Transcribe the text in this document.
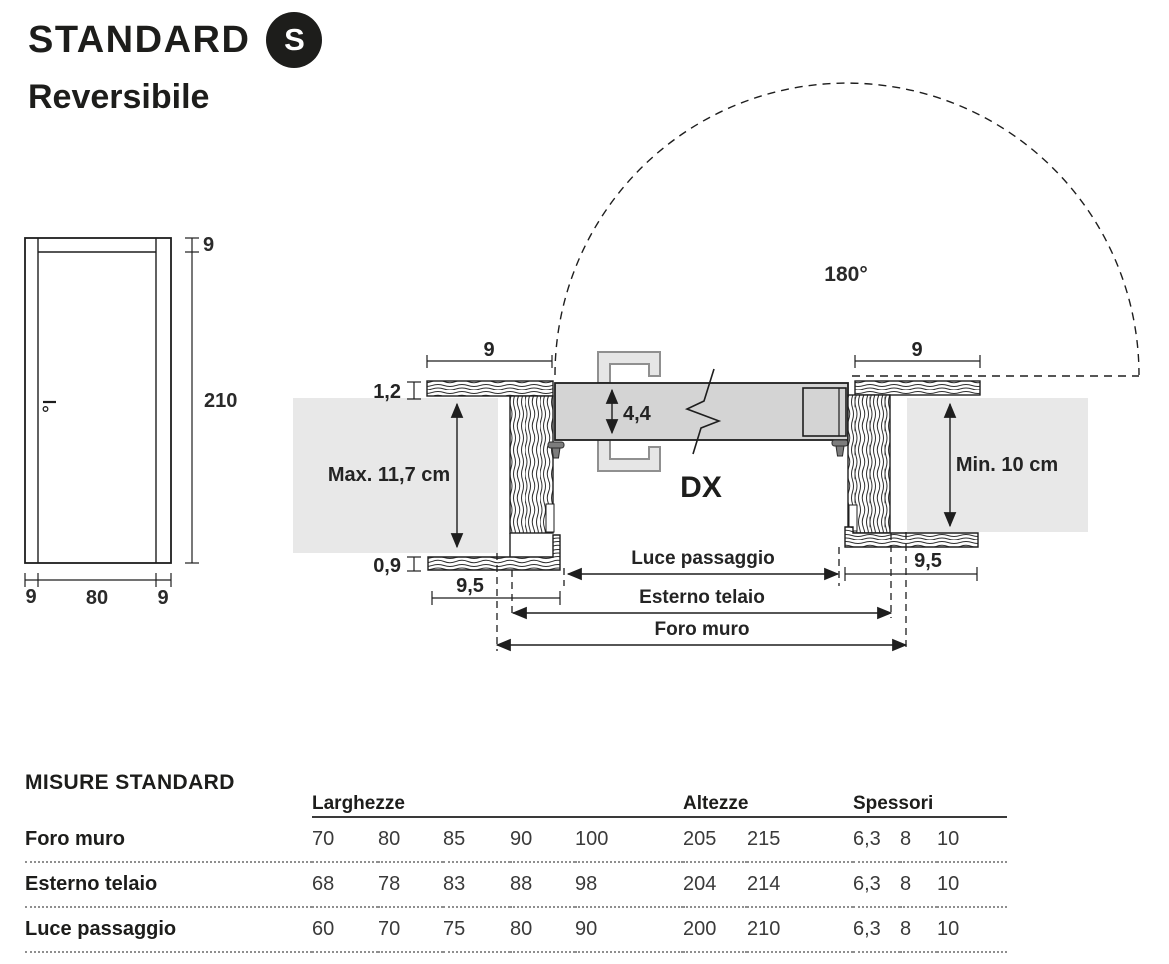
STANDARD S
Reversibile
9
210
9 80 9
180°
Max. 11,7 cm	Min. 10 cm
9
1,2
0,9
9,5
4,4
DX
9
9,5
Luce passaggio
Esterno telaio
Foro muro
MISURE STANDARD
Larghezze	Altezze	Spessori
Foro muro	70	80	85	90	100	205	215	6,3 8	10
Esterno telaio	68	78	83	88	98	204	214	6,3 8	10
Luce passaggio	60	70	75	80	90	200	210	6,3 8	10
